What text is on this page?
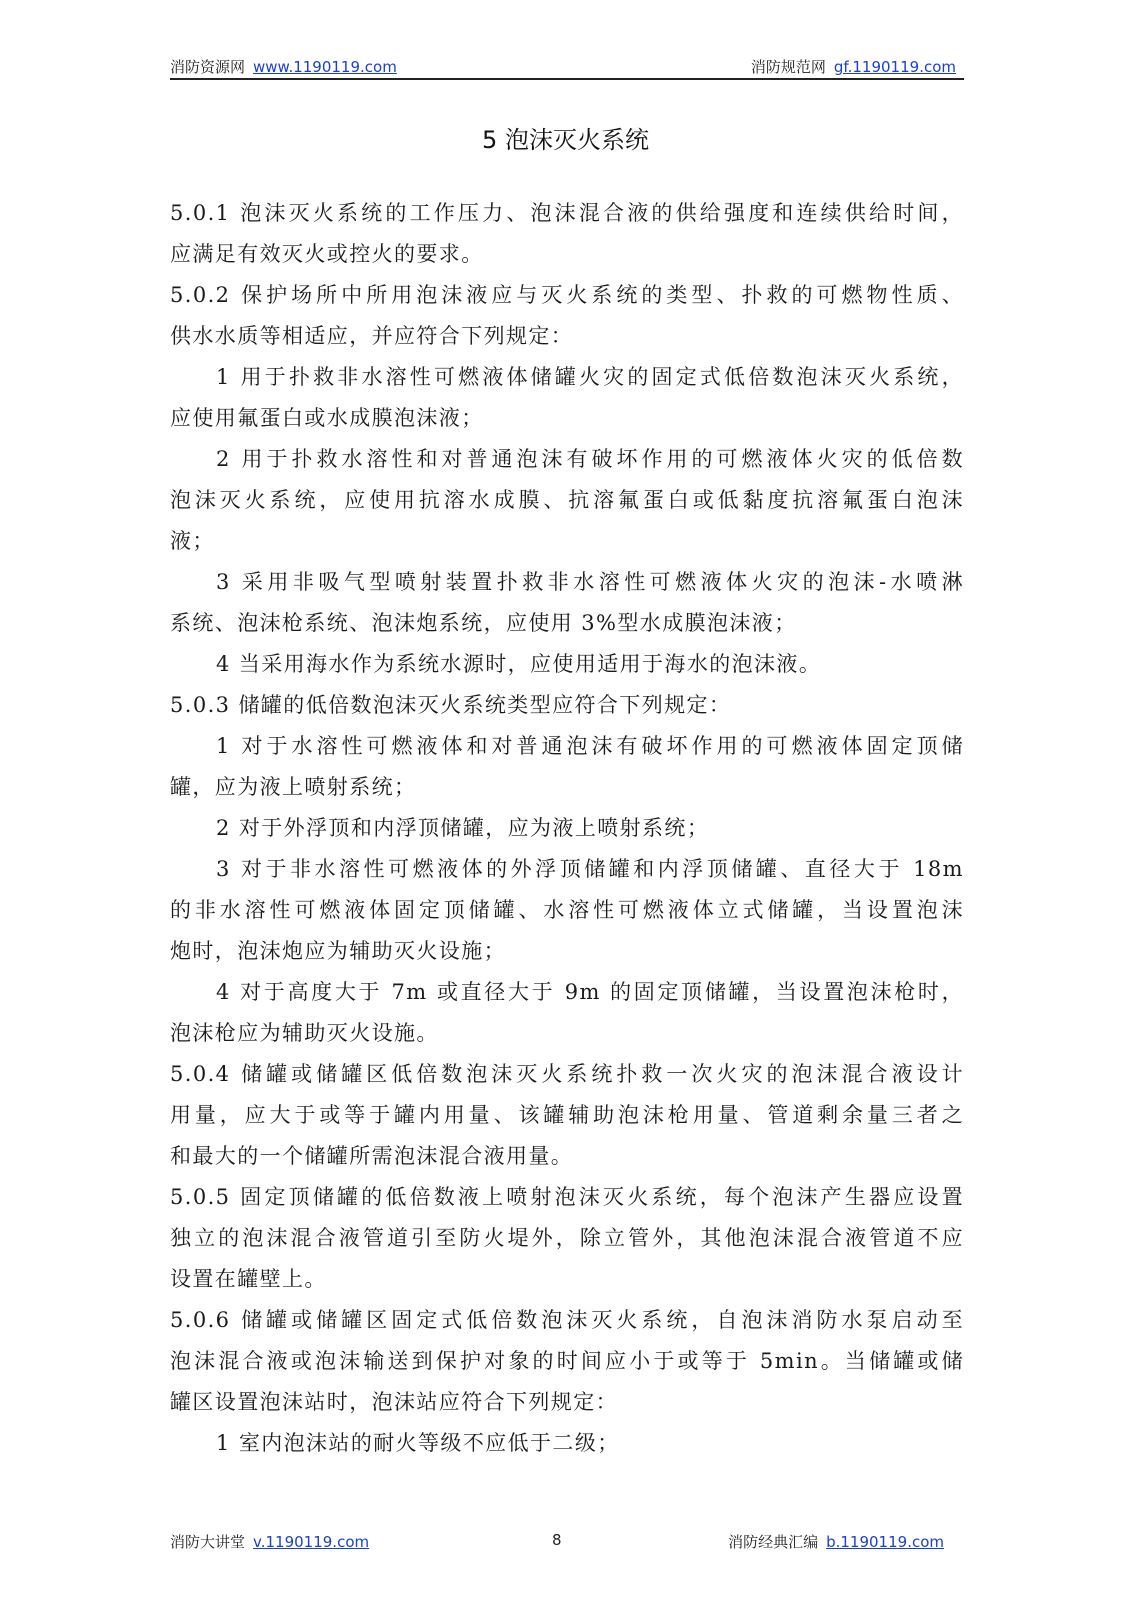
消防资源网 www.1190119.com	消防规范网 gf.1190119.com
5 泡沫灭火系统
5.0.1 泡沫灭火系统的工作压力、泡沫混合液的供给强度和连续供给时间，
应满足有效灭火或控火的要求。
5.0.2 保护场所中所用泡沫液应与灭火系统的类型、扑救的可燃物性质、
供水水质等相适应，并应符合下列规定：
1 用于扑救非水溶性可燃液体储罐火灾的固定式低倍数泡沫灭火系统，
应使用氟蛋白或水成膜泡沫液；
2 用于扑救水溶性和对普通泡沫有破坏作用的可燃液体火灾的低倍数
泡沫灭火系统，应使用抗溶水成膜、抗溶氟蛋白或低黏度抗溶氟蛋白泡沫
液；
3 采用非吸气型喷射装置扑救非水溶性可燃液体火灾的泡沫-水喷淋
系统、泡沫枪系统、泡沫炮系统，应使用 3%型水成膜泡沫液；
4 当采用海水作为系统水源时，应使用适用于海水的泡沫液。
5.0.3 储罐的低倍数泡沫灭火系统类型应符合下列规定：
1 对于水溶性可燃液体和对普通泡沫有破坏作用的可燃液体固定顶储
罐，应为液上喷射系统；
2 对于外浮顶和内浮顶储罐，应为液上喷射系统；
3 对于非水溶性可燃液体的外浮顶储罐和内浮顶储罐、直径大于 18m
的非水溶性可燃液体固定顶储罐、水溶性可燃液体立式储罐，当设置泡沫
炮时，泡沫炮应为辅助灭火设施；
4 对于高度大于 7m 或直径大于 9m 的固定顶储罐，当设置泡沫枪时，
泡沫枪应为辅助灭火设施。
5.0.4 储罐或储罐区低倍数泡沫灭火系统扑救一次火灾的泡沫混合液设计
用量，应大于或等于罐内用量、该罐辅助泡沫枪用量、管道剩余量三者之
和最大的一个储罐所需泡沫混合液用量。
5.0.5 固定顶储罐的低倍数液上喷射泡沫灭火系统，每个泡沫产生器应设置
独立的泡沫混合液管道引至防火堤外，除立管外，其他泡沫混合液管道不应
设置在罐壁上。
5.0.6 储罐或储罐区固定式低倍数泡沫灭火系统，自泡沫消防水泵启动至
泡沫混合液或泡沫输送到保护对象的时间应小于或等于 5min。当储罐或储
罐区设置泡沫站时，泡沫站应符合下列规定：
1 室内泡沫站的耐火等级不应低于二级；
消防大讲堂 v.1190119.com	8	消防经典汇编 b.1190119.com
